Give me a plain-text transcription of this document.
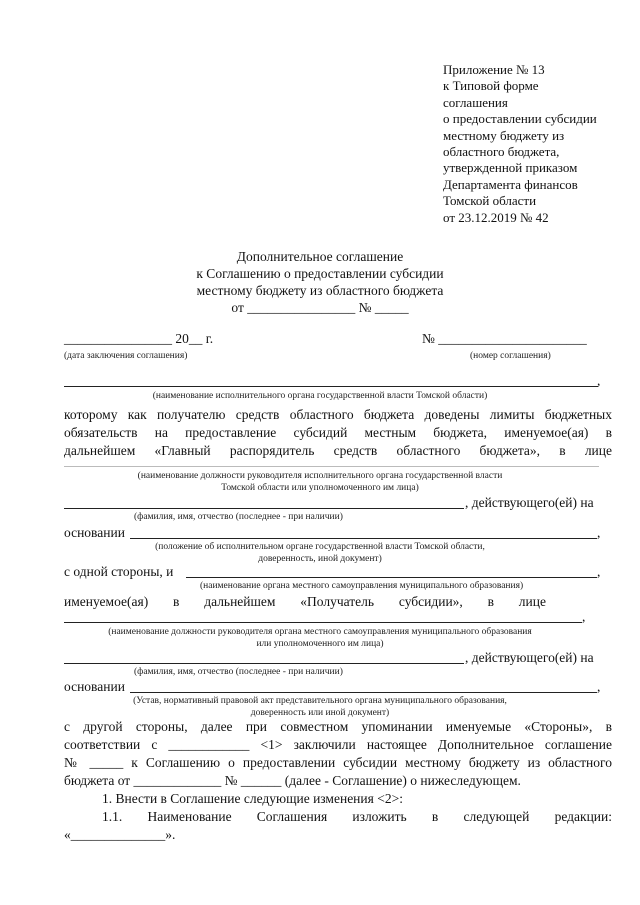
Приложение № 13
к Типовой форме
соглашения
о предоставлении субсидии
местному бюджету из
областного бюджета,
утвержденной приказом
Департамента финансов
Томской области
от 23.12.2019 № 42
Дополнительное соглашение
к Соглашению о предоставлении субсидии
местному бюджету из областного бюджета
от ________________ № _____
________________ 20__ г.
(дата заключения соглашения)
№ ______________________
(номер соглашения)
,
(наименование исполнительного органа государственной власти Томской области)
которому как получателю средств областного бюджета доведены лимиты бюджетных
обязательств на предоставление субсидий местным бюджета, именуемое(ая) в
дальнейшем «Главный распорядитель средств областного бюджета», в лице
(наименование должности руководителя исполнительного органа государственной власти
Томской области или уполномоченного им лица)
, действующего(ей) на
(фамилия, имя, отчество (последнее - при наличии)
основании	,
(положение об исполнительном органе государственной власти Томской области,
доверенность, иной документ)
с одной стороны, и	,
(наименование органа местного самоуправления муниципального образования)
именуемое(ая) в дальнейшем «Получатель субсидии», в лице
,
(наименование должности руководителя органа местного самоуправления муниципального образования
или уполномоченного им лица)
, действующего(ей) на
(фамилия, имя, отчество (последнее - при наличии)
основании	,
(Устав, нормативный правовой акт представительного органа муниципального образования,
доверенность или иной документ)
с другой стороны, далее при совместном упоминании именуемые «Стороны», в
соответствии с ____________ <1> заключили настоящее Дополнительное соглашение
№ _____ к Соглашению о предоставлении субсидии местному бюджету из областного
бюджета от _____________ № ______ (далее - Соглашение) о нижеследующем.
1. Внести в Соглашение следующие изменения <2>:
1.1. Наименование Соглашения изложить в следующей редакции:
«______________».
